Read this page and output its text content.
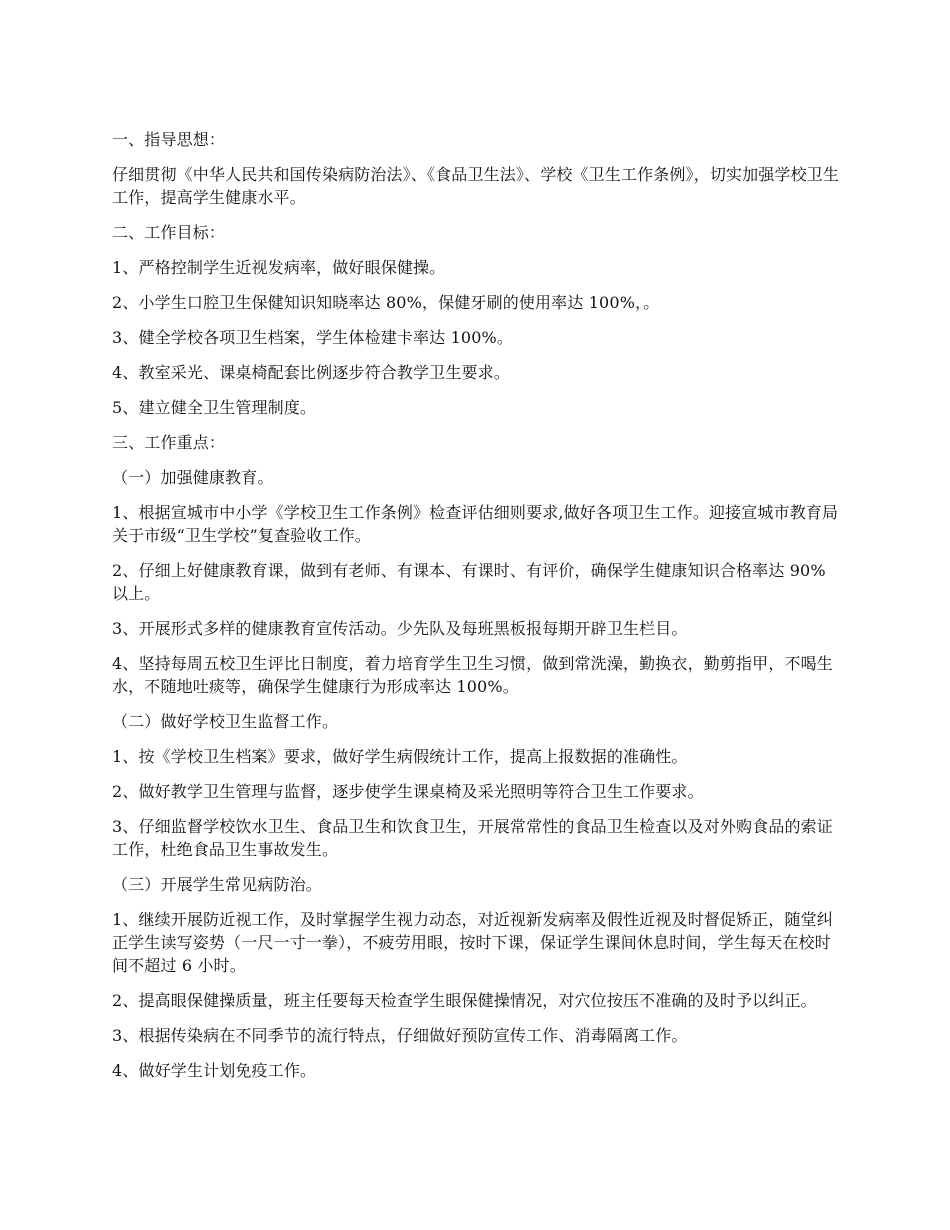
一、指导思想：

仔细贯彻《中华人民共和国传染病防治法》、《食品卫生法》、学校《卫生工作条例》，切实加强学校卫生工作，提高学生健康水平。

二、工作目标：

1、严格控制学生近视发病率，做好眼保健操。

2、小学生口腔卫生保健知识知晓率达 80%，保健牙刷的使用率达 100%，。

3、健全学校各项卫生档案，学生体检建卡率达 100%。

4、教室采光、课桌椅配套比例逐步符合教学卫生要求。

5、建立健全卫生管理制度。

三、工作重点：

（一）加强健康教育。

1、根据宣城市中小学《学校卫生工作条例》检查评估细则要求,做好各项卫生工作。迎接宣城市教育局关于市级“卫生学校”复查验收工作。

2、仔细上好健康教育课，做到有老师、有课本、有课时、有评价，确保学生健康知识合格率达 90%以上。

3、开展形式多样的健康教育宣传活动。少先队及每班黑板报每期开辟卫生栏目。

4、坚持每周五校卫生评比日制度，着力培育学生卫生习惯，做到常洗澡，勤换衣，勤剪指甲，不喝生水，不随地吐痰等，确保学生健康行为形成率达 100%。

（二）做好学校卫生监督工作。

1、按《学校卫生档案》要求，做好学生病假统计工作，提高上报数据的准确性。

2、做好教学卫生管理与监督，逐步使学生课桌椅及采光照明等符合卫生工作要求。

3、仔细监督学校饮水卫生、食品卫生和饮食卫生，开展常常性的食品卫生检查以及对外购食品的索证工作，杜绝食品卫生事故发生。

（三）开展学生常见病防治。

1、继续开展防近视工作，及时掌握学生视力动态，对近视新发病率及假性近视及时督促矫正，随堂纠正学生读写姿势（一尺一寸一拳），不疲劳用眼，按时下课，保证学生课间休息时间，学生每天在校时间不超过 6 小时。

2、提高眼保健操质量，班主任要每天检查学生眼保健操情况，对穴位按压不准确的及时予以纠正。

3、根据传染病在不同季节的流行特点，仔细做好预防宣传工作、消毒隔离工作。

4、做好学生计划免疫工作。
